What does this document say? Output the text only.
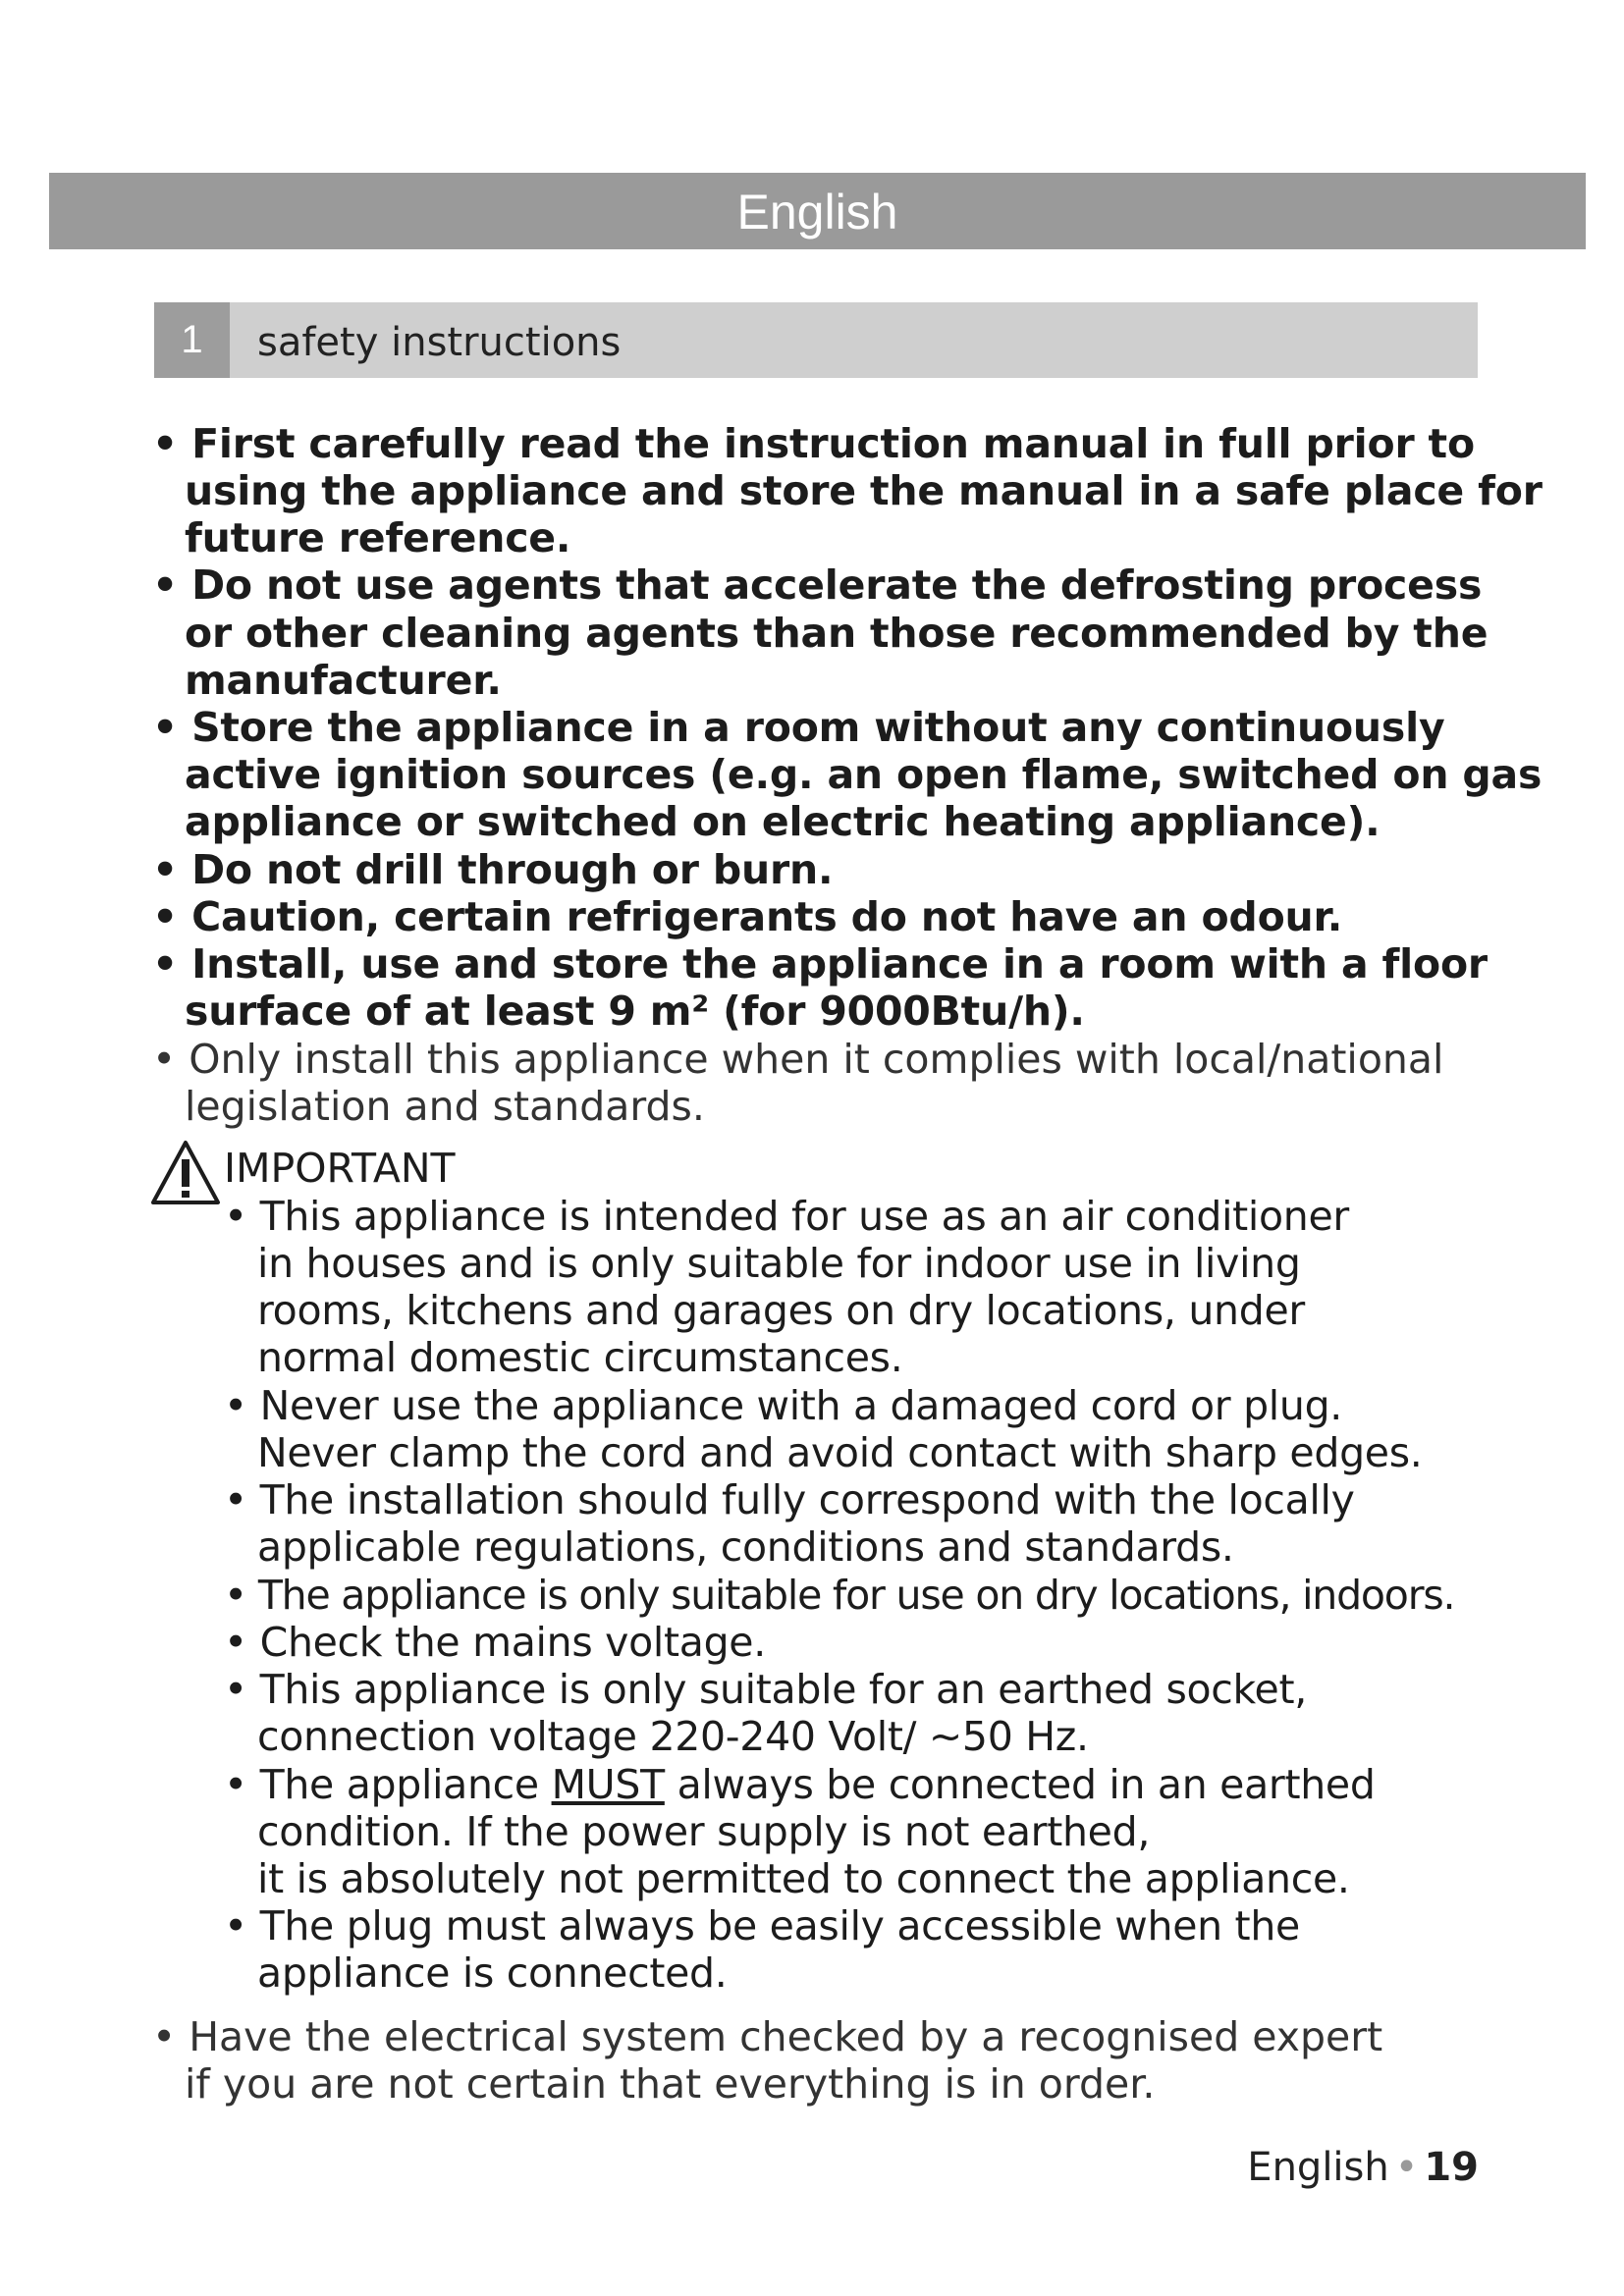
English
1	safety instructions
• First carefully read the instruction manual in full prior to
using the appliance and store the manual in a safe place for
future reference.
• Do not use agents that accelerate the defrosting process
or other cleaning agents than those recommended by the
manufacturer.
• Store the appliance in a room without any continuously
active ignition sources (e.g. an open flame, switched on gas
appliance or switched on electric heating appliance).
• Do not drill through or burn.
• Caution, certain refrigerants do not have an odour.
• Install, use and store the appliance in a room with a floor
surface of at least 9 m² (for 9000Btu/h).
• Only install this appliance when it complies with local/national
legislation and standards.
IMPORTANT
• This appliance is intended for use as an air conditioner
in houses and is only suitable for indoor use in living
rooms, kitchens and garages on dry locations, under
normal domestic circumstances.
• Never use the appliance with a damaged cord or plug.
Never clamp the cord and avoid contact with sharp edges.
• The installation should fully correspond with the locally
applicable regulations, conditions and standards.
• The appliance is only suitable for use on dry locations, indoors.
• Check the mains voltage.
• This appliance is only suitable for an earthed socket,
connection voltage 220-240 Volt/ ~50 Hz.
• The appliance MUST always be connected in an earthed
condition. If the power supply is not earthed,
it is absolutely not permitted to connect the appliance.
• The plug must always be easily accessible when the
appliance is connected.
• Have the electrical system checked by a recognised expert
if you are not certain that everything is in order.
English • 19
